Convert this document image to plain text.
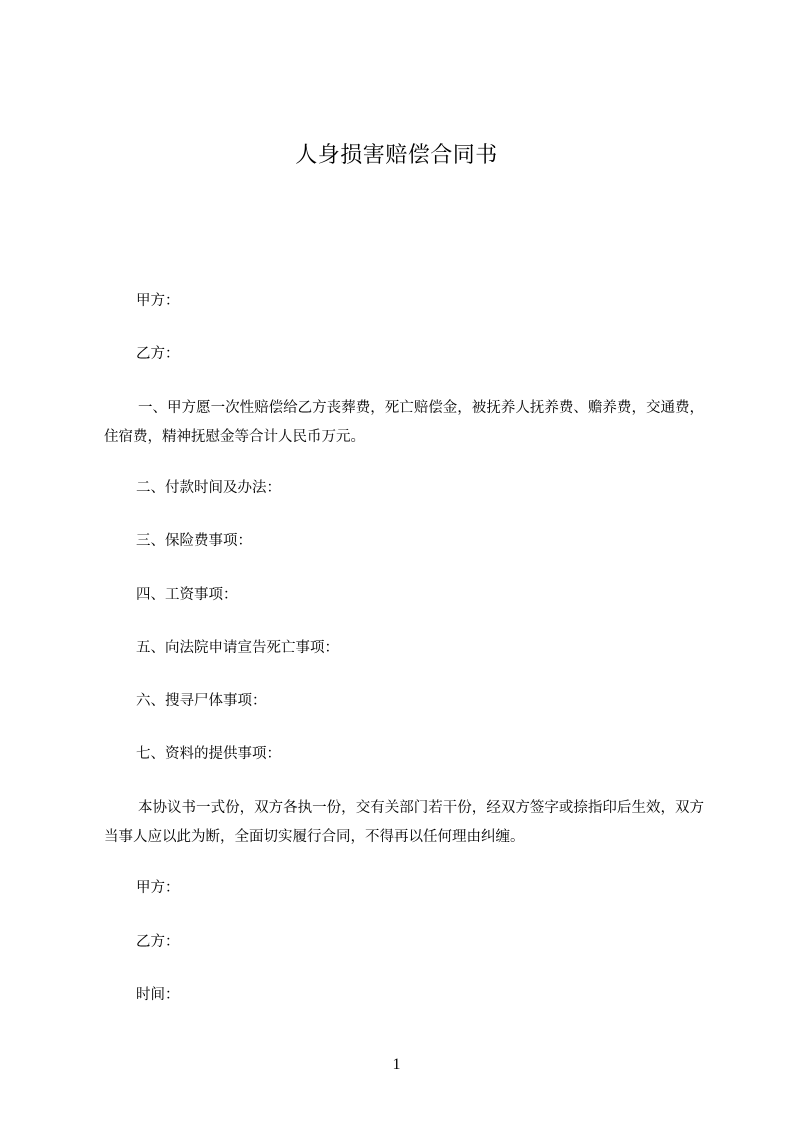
人身损害赔偿合同书
甲方：
乙方：
一、甲方愿一次性赔偿给乙方丧葬费，死亡赔偿金，被抚养人抚养费、赡养费，交通费，住宿费，精神抚慰金等合计人民币万元。
二、付款时间及办法：
三、保险费事项：
四、工资事项：
五、向法院申请宣告死亡事项：
六、搜寻尸体事项：
七、资料的提供事项：
本协议书一式份，双方各执一份，交有关部门若干份，经双方签字或捺指印后生效，双方当事人应以此为断，全面切实履行合同，不得再以任何理由纠缠。
甲方：
乙方：
时间：
1
